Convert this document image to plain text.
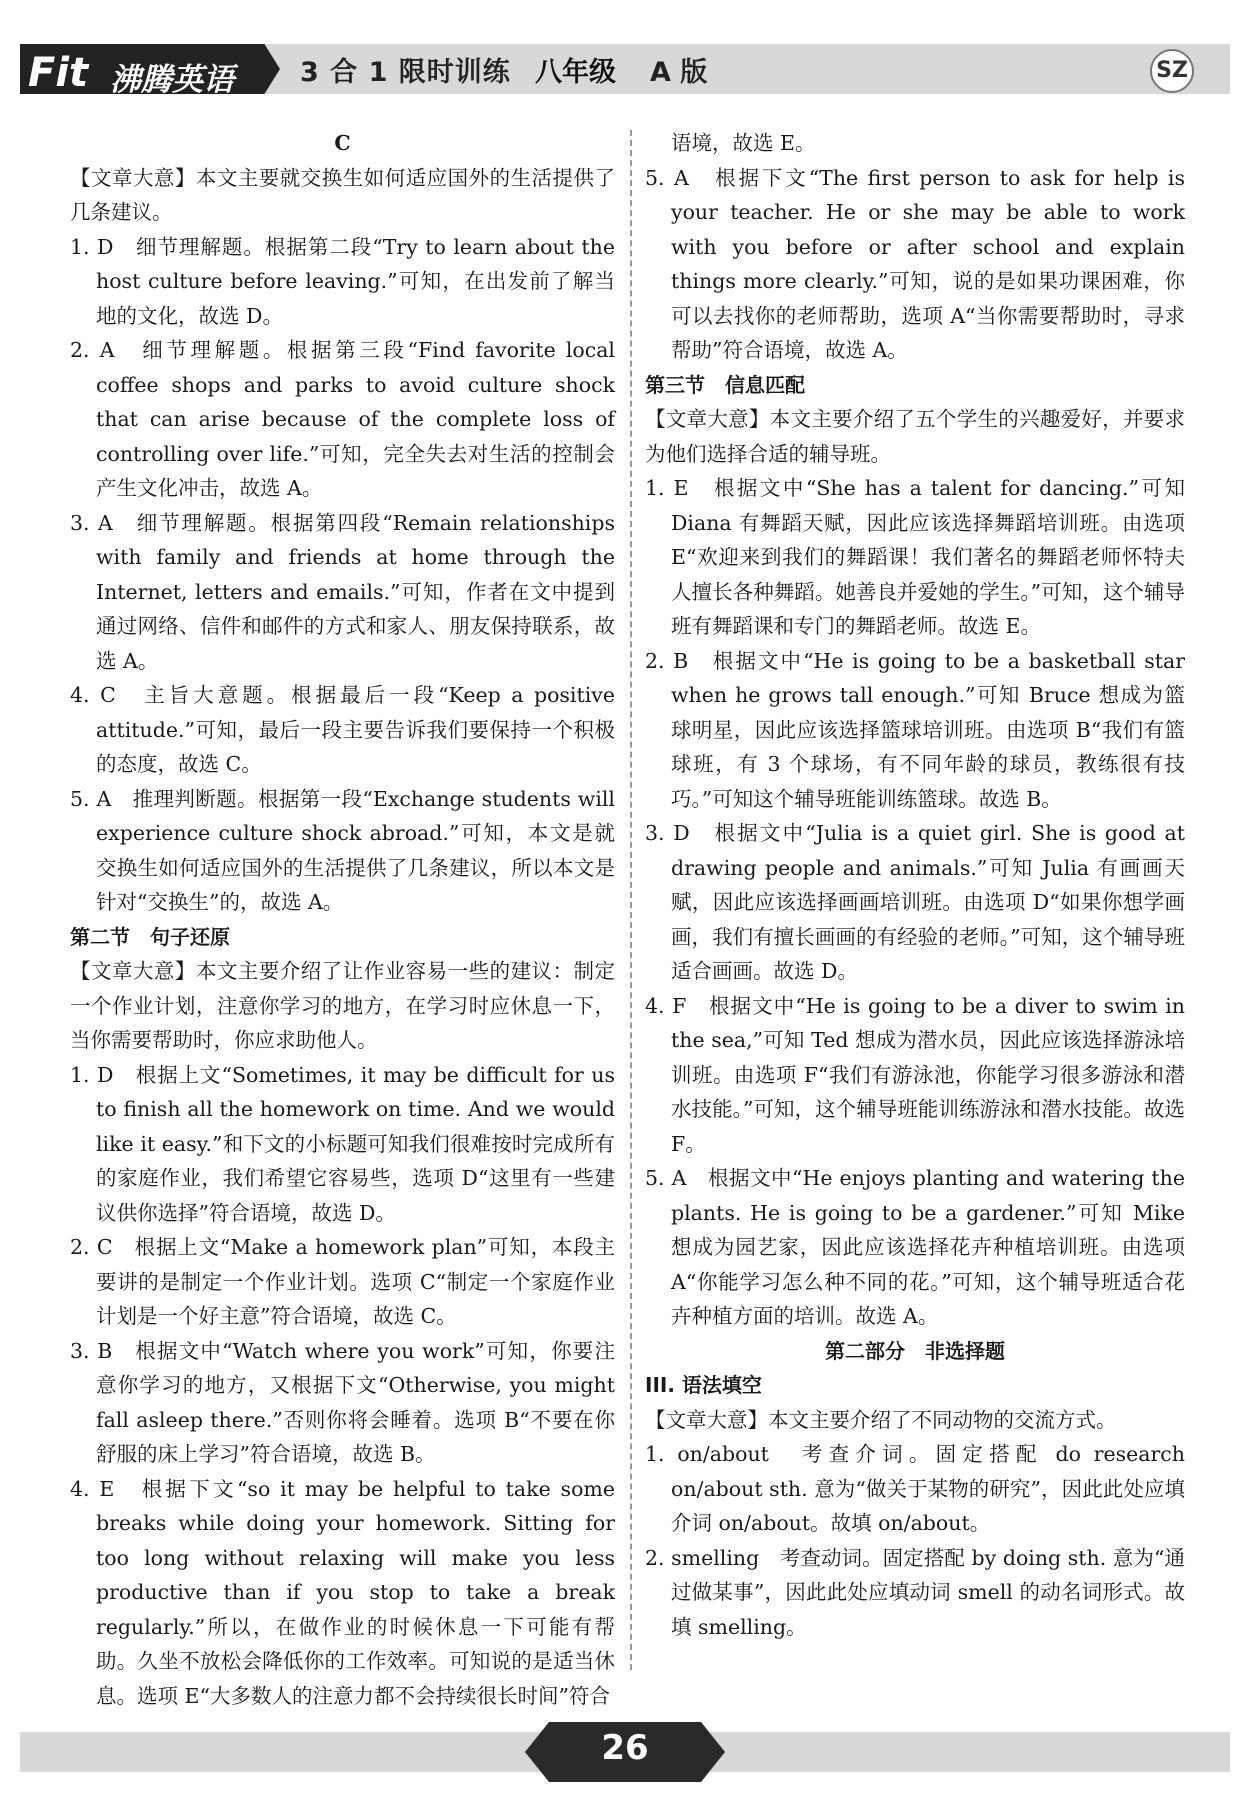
Fit 沸腾英语 3 合 1 限时训练 八年级 A 版	SZ

C

【文章大意】本文主要就交换生如何适应国外的生活提供了几条建议。

1. D　细节理解题。根据第二段“Try to learn about the host culture before leaving.”可知，在出发前了解当地的文化，故选 D。

2. A　细节理解题。根据第三段“Find favorite local coffee shops and parks to avoid culture shock that can arise because of the complete loss of controlling over life.”可知，完全失去对生活的控制会产生文化冲击，故选 A。

3. A　细节理解题。根据第四段“Remain relationships with family and friends at home through the Internet, letters and emails.”可知，作者在文中提到通过网络、信件和邮件的方式和家人、朋友保持联系，故选 A。

4. C　主旨大意题。根据最后一段“Keep a positive attitude.”可知，最后一段主要告诉我们要保持一个积极的态度，故选 C。

5. A　推理判断题。根据第一段“Exchange students will experience culture shock abroad.”可知，本文是就交换生如何适应国外的生活提供了几条建议，所以本文是针对“交换生”的，故选 A。

第二节　句子还原

【文章大意】本文主要介绍了让作业容易一些的建议：制定一个作业计划，注意你学习的地方，在学习时应休息一下，当你需要帮助时，你应求助他人。

1. D　根据上文“Sometimes, it may be difficult for us to finish all the homework on time. And we would like it easy.”和下文的小标题可知我们很难按时完成所有的家庭作业，我们希望它容易些，选项 D“这里有一些建议供你选择”符合语境，故选 D。

2. C　根据上文“Make a homework plan”可知，本段主要讲的是制定一个作业计划。选项 C“制定一个家庭作业计划是一个好主意”符合语境，故选 C。

3. B　根据文中“Watch where you work”可知，你要注意你学习的地方，又根据下文“Otherwise, you might fall asleep there.”否则你将会睡着。选项 B“不要在你舒服的床上学习”符合语境，故选 B。

4. E　根据下文“so it may be helpful to take some breaks while doing your homework. Sitting for too long without relaxing will make you less productive than if you stop to take a break regularly.”所以，在做作业的时候休息一下可能有帮助。久坐不放松会降低你的工作效率。可知说的是适当休息。选项 E“大多数人的注意力都不会持续很长时间”符合

语境，故选 E。

5. A　根据下文“The first person to ask for help is your teacher. He or she may be able to work with you before or after school and explain things more clearly.”可知，说的是如果功课困难，你可以去找你的老师帮助，选项 A“当你需要帮助时，寻求帮助”符合语境，故选 A。

第三节　信息匹配

【文章大意】本文主要介绍了五个学生的兴趣爱好，并要求为他们选择合适的辅导班。

1. E　根据文中“She has a talent for dancing.”可知 Diana 有舞蹈天赋，因此应该选择舞蹈培训班。由选项 E“欢迎来到我们的舞蹈课！我们著名的舞蹈老师怀特夫人擅长各种舞蹈。她善良并爱她的学生。”可知，这个辅导班有舞蹈课和专门的舞蹈老师。故选 E。

2. B　根据文中“He is going to be a basketball star when he grows tall enough.”可知 Bruce 想成为篮球明星，因此应该选择篮球培训班。由选项 B“我们有篮球班，有 3 个球场，有不同年龄的球员，教练很有技巧。”可知这个辅导班能训练篮球。故选 B。

3. D　根据文中“Julia is a quiet girl. She is good at drawing people and animals.”可知 Julia 有画画天赋，因此应该选择画画培训班。由选项 D“如果你想学画画，我们有擅长画画的有经验的老师。”可知，这个辅导班适合画画。故选 D。

4. F　根据文中“He is going to be a diver to swim in the sea,”可知 Ted 想成为潜水员，因此应该选择游泳培训班。由选项 F“我们有游泳池，你能学习很多游泳和潜水技能。”可知，这个辅导班能训练游泳和潜水技能。故选 F。

5. A　根据文中“He enjoys planting and watering the plants. He is going to be a gardener.”可知 Mike 想成为园艺家，因此应该选择花卉种植培训班。由选项 A“你能学习怎么种不同的花。”可知，这个辅导班适合花卉种植方面的培训。故选 A。

第二部分　非选择题

III. 语法填空

【文章大意】本文主要介绍了不同动物的交流方式。

1. on/about　考查介词。固定搭配 do research on/about sth. 意为“做关于某物的研究”，因此此处应填介词 on/about。故填 on/about。

2. smelling　考查动词。固定搭配 by doing sth. 意为“通过做某事”，因此此处应填动词 smell 的动名词形式。故填 smelling。

26
